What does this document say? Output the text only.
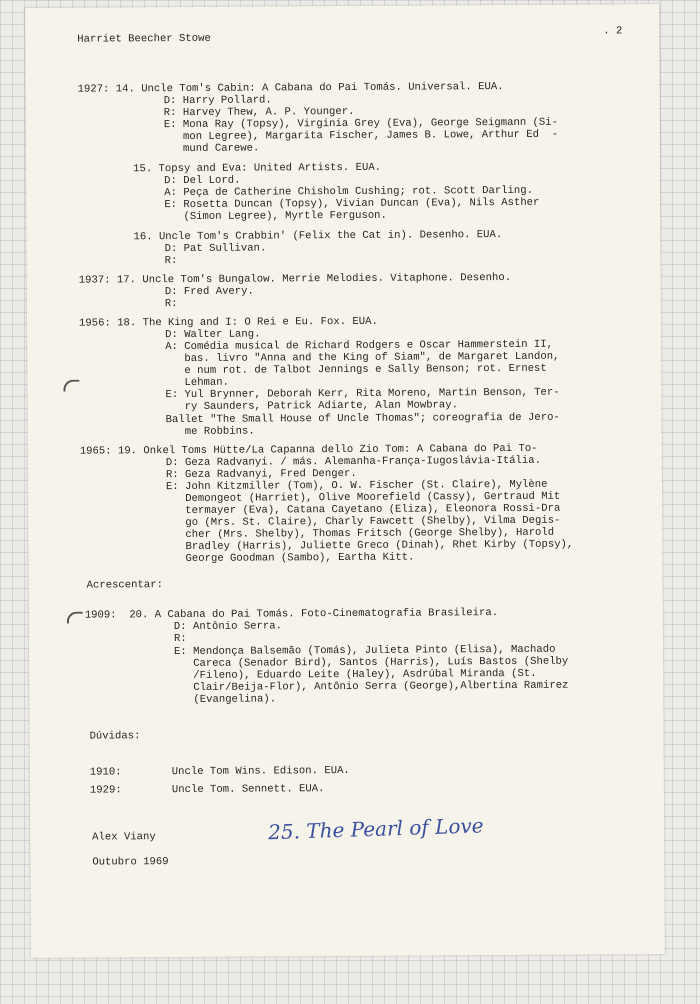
Harriet Beecher Stowe
. 2
1927: 14. Uncle Tom's Cabin: A Cabana do Pai Tomás. Universal. EUA.
D: Harry Pollard.
R: Harvey Thew, A. P. Younger.
E: Mona Ray (Topsy), Virginia Grey (Eva), George Seigmann (Si-
mon Legree), Margarita Fischer, James B. Lowe, Arthur Ed  -
mund Carewe.
15. Topsy and Eva: United Artists. EUA.
D: Del Lord.
A: Peça de Catherine Chisholm Cushing; rot. Scott Darling.
E: Rosetta Duncan (Topsy), Vivian Duncan (Eva), Nils Asther
(Simon Legree), Myrtle Ferguson.
16. Uncle Tom's Crabbin' (Felix the Cat in). Desenho. EUA.
D: Pat Sullivan.
R:
1937: 17. Uncle Tom's Bungalow. Merrie Melodies. Vitaphone. Desenho.
D: Fred Avery.
R:
1956: 18. The King and I: O Rei e Eu. Fox. EUA.
D: Walter Lang.
A: Comédia musical de Richard Rodgers e Oscar Hammerstein II,
bas. livro "Anna and the King of Siam", de Margaret Landon,
e num rot. de Talbot Jennings e Sally Benson; rot. Ernest
Lehman.
E: Yul Brynner, Deborah Kerr, Rita Moreno, Martin Benson, Ter-
ry Saunders, Patrick Adiarte, Alan Mowbray.
Ballet "The Small House of Uncle Thomas"; coreografia de Jero-
me Robbins.
1965: 19. Onkel Toms Hütte/La Capanna dello Zio Tom: A Cabana do Pai To-
D: Geza Radvanyi. / más. Alemanha-França-Iugoslávia-Itália.
R: Geza Radvanyi, Fred Denger.
E: John Kitzmiller (Tom), O. W. Fischer (St. Claire), Mylène
Demongeot (Harriet), Olive Moorefield (Cassy), Gertraud Mit
termayer (Eva), Catana Cayetano (Eliza), Eleonora Rossi-Dra
go (Mrs. St. Claire), Charly Fawcett (Shelby), Vilma Degis-
cher (Mrs. Shelby), Thomas Fritsch (George Shelby), Harold
Bradley (Harris), Juliette Greco (Dinah), Rhet Kirby (Topsy),
George Goodman (Sambo), Eartha Kitt.
Acrescentar:
1909:  20. A Cabana do Pai Tomás. Foto-Cinematografia Brasileira.
D: Antônio Serra.
R:
E: Mendonça Balsemão (Tomás), Julieta Pinto (Elisa), Machado
Careca (Senador Bird), Santos (Harris), Luís Bastos (Shelby
/Fileno), Eduardo Leite (Haley), Asdrúbal Miranda (St.
Clair/Beija-Flor), Antônio Serra (George),Albertina Ramirez
(Evangelina).
Dúvidas:
1910:	Uncle Tom Wins. Edison. EUA.
1929:	Uncle Tom. Sennett. EUA.
Alex Viany
Outubro 1969
25. The Pearl of Love
